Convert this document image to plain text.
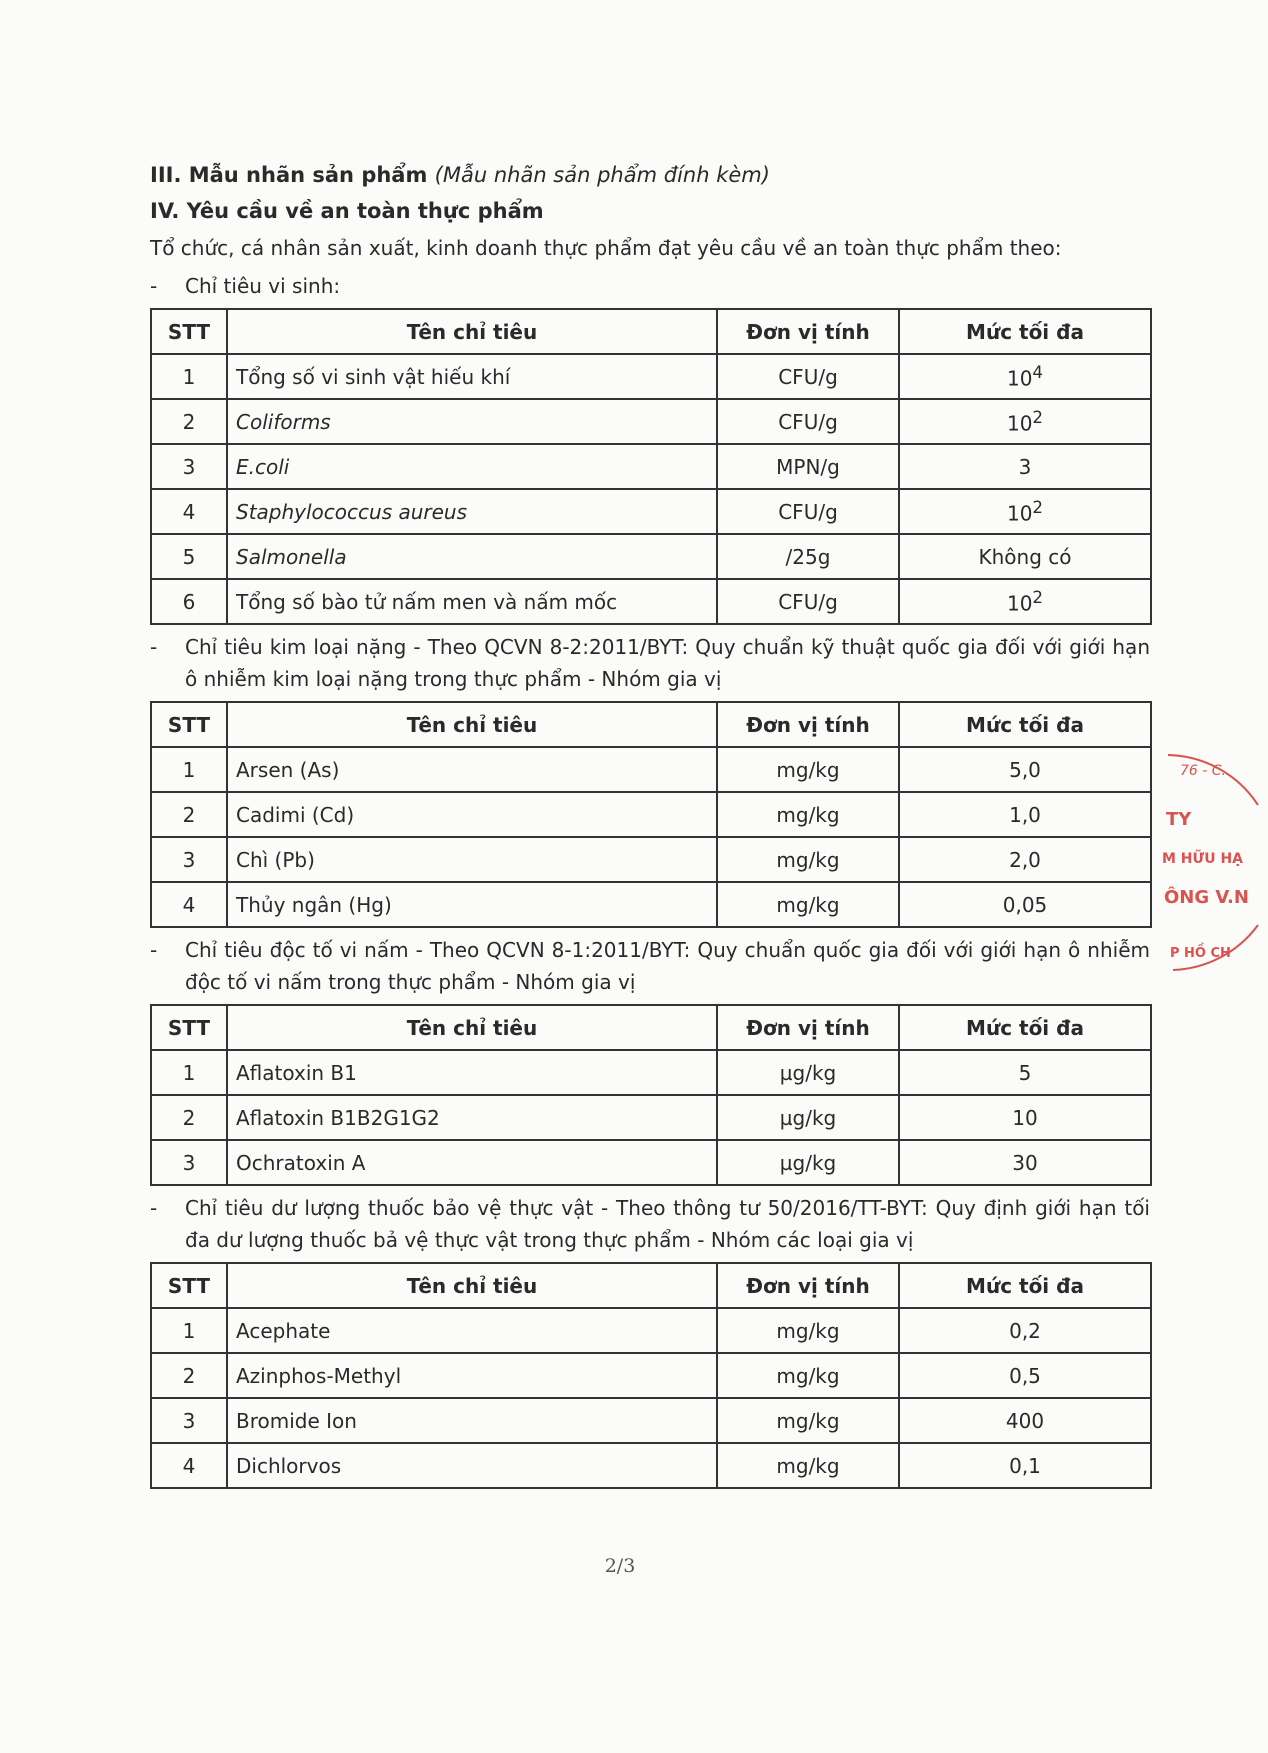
III. Mẫu nhãn sản phẩm (Mẫu nhãn sản phẩm đính kèm)
IV. Yêu cầu về an toàn thực phẩm
Tổ chức, cá nhân sản xuất, kinh doanh thực phẩm đạt yêu cầu về an toàn thực phẩm theo:
- Chỉ tiêu vi sinh:
STT	Tên chỉ tiêu	Đơn vị tính	Mức tối đa
1	Tổng số vi sinh vật hiếu khí	CFU/g	$10^4$
2	Coliforms	CFU/g	$10^2$
3	E.coli	MPN/g	3
4	Staphylococcus aureus	CFU/g	$10^2$
5	Salmonella	/25g	Không có
6	Tổng số bào tử nấm men và nấm mốc	CFU/g	$10^2$
- Chỉ tiêu kim loại nặng - Theo QCVN 8-2:2011/BYT: Quy chuẩn kỹ thuật quốc gia đối với giới hạn ô nhiễm kim loại nặng trong thực phẩm - Nhóm gia vị
STT	Tên chỉ tiêu	Đơn vị tính	Mức tối đa
1	Arsen (As)	mg/kg	5,0
2	Cadimi (Cd)	mg/kg	1,0
3	Chì (Pb)	mg/kg	2,0
4	Thủy ngân (Hg)	mg/kg	0,05
- Chỉ tiêu độc tố vi nấm - Theo QCVN 8-1:2011/BYT: Quy chuẩn quốc gia đối với giới hạn ô nhiễm độc tố vi nấm trong thực phẩm - Nhóm gia vị
STT	Tên chỉ tiêu	Đơn vị tính	Mức tối đa
1	Aflatoxin B1	µg/kg	5
2	Aflatoxin B1B2G1G2	µg/kg	10
3	Ochratoxin A	µg/kg	30
- Chỉ tiêu dư lượng thuốc bảo vệ thực vật - Theo thông tư 50/2016/TT-BYT: Quy định giới hạn tối đa dư lượng thuốc bả vệ thực vật trong thực phẩm - Nhóm các loại gia vị
STT	Tên chỉ tiêu	Đơn vị tính	Mức tối đa
1	Acephate	mg/kg	0,2
2	Azinphos-Methyl	mg/kg	0,5
3	Bromide Ion	mg/kg	400
4	Dichlorvos	mg/kg	0,1
76 - C.
TY
M HỮU HẠ
ÔNG V.N
P HỒ CH
2/3
